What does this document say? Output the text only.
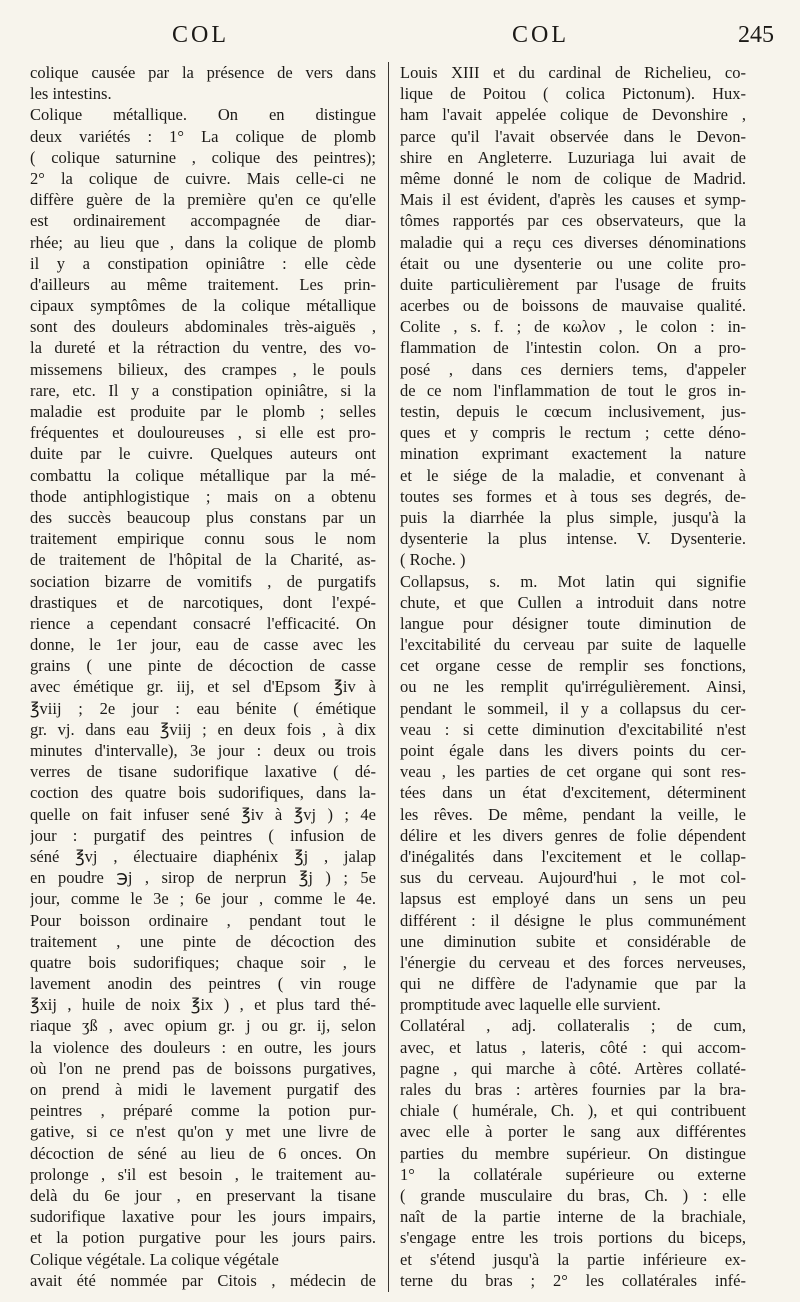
COL	COL	245
colique causée par la présence de vers dans
les intestins.
Colique métallique. On en distingue
deux variétés : 1° La colique de plomb
( colique saturnine , colique des peintres);
2° la colique de cuivre. Mais celle-ci ne
diffère guère de la première qu'en ce qu'elle
est ordinairement accompagnée de diar-
rhée; au lieu que , dans la colique de plomb
il y a constipation opiniâtre : elle cède
d'ailleurs au même traitement. Les prin-
cipaux symptômes de la colique métallique
sont des douleurs abdominales très-aiguës ,
la dureté et la rétraction du ventre, des vo-
missemens bilieux, des crampes , le pouls
rare, etc. Il y a constipation opiniâtre, si la
maladie est produite par le plomb ; selles
fréquentes et douloureuses , si elle est pro-
duite par le cuivre. Quelques auteurs ont
combattu la colique métallique par la mé-
thode antiphlogistique ; mais on a obtenu
des succès beaucoup plus constans par un
traitement empirique connu sous le nom
de traitement de l'hôpital de la Charité, as-
sociation bizarre de vomitifs , de purgatifs
drastiques et de narcotiques, dont l'expé-
rience a cependant consacré l'efficacité. On
donne, le 1er jour, eau de casse avec les
grains ( une pinte de décoction de casse
avec émétique gr. iij, et sel d'Epsom ℥iv à
℥viij ; 2e jour : eau bénite ( émétique
gr. vj. dans eau ℥viij ; en deux fois , à dix
minutes d'intervalle), 3e jour : deux ou trois
verres de tisane sudorifique laxative ( dé-
coction des quatre bois sudorifiques, dans la-
quelle on fait infuser sené ℥iv à ℥vj ) ; 4e
jour : purgatif des peintres ( infusion de
séné ℥vj , électuaire diaphénix ℥j , jalap
en poudre ℈j , sirop de nerprun ℥j ) ; 5e
jour, comme le 3e ; 6e jour , comme le 4e.
Pour boisson ordinaire , pendant tout le
traitement , une pinte de décoction des
quatre bois sudorifiques; chaque soir , le
lavement anodin des peintres ( vin rouge
℥xij , huile de noix ℥ix ) , et plus tard thé-
riaque ʒß , avec opium gr. j ou gr. ij, selon
la violence des douleurs : en outre, les jours
où l'on ne prend pas de boissons purgatives,
on prend à midi le lavement purgatif des
peintres , préparé comme la potion pur-
gative, si ce n'est qu'on y met une livre de
décoction de séné au lieu de 6 onces. On
prolonge , s'il est besoin , le traitement au-
delà du 6e jour , en preservant la tisane
sudorifique laxative pour les jours impairs,
et la potion purgative pour les jours pairs.
Colique végétale. La colique végétale
avait été nommée par Citois , médecin de
Louis XIII et du cardinal de Richelieu, co-
lique de Poitou ( colica Pictonum). Hux-
ham l'avait appelée colique de Devonshire ,
parce qu'il l'avait observée dans le Devon-
shire en Angleterre. Luzuriaga lui avait de
même donné le nom de colique de Madrid.
Mais il est évident, d'après les causes et symp-
tômes rapportés par ces observateurs, que la
maladie qui a reçu ces diverses dénominations
était ou une dysenterie ou une colite pro-
duite particulièrement par l'usage de fruits
acerbes ou de boissons de mauvaise qualité.
Colite , s. f. ; de κωλον , le colon : in-
flammation de l'intestin colon. On a pro-
posé , dans ces derniers tems, d'appeler
de ce nom l'inflammation de tout le gros in-
testin, depuis le cœcum inclusivement, jus-
ques et y compris le rectum ; cette déno-
mination exprimant exactement la nature
et le siége de la maladie, et convenant à
toutes ses formes et à tous ses degrés, de-
puis la diarrhée la plus simple, jusqu'à la
dysenterie la plus intense. V. Dysenterie.
( Roche. )
Collapsus, s. m. Mot latin qui signifie
chute, et que Cullen a introduit dans notre
langue pour désigner toute diminution de
l'excitabilité du cerveau par suite de laquelle
cet organe cesse de remplir ses fonctions,
ou ne les remplit qu'irrégulièrement. Ainsi,
pendant le sommeil, il y a collapsus du cer-
veau : si cette diminution d'excitabilité n'est
point égale dans les divers points du cer-
veau , les parties de cet organe qui sont res-
tées dans un état d'excitement, déterminent
les rêves. De même, pendant la veille, le
délire et les divers genres de folie dépendent
d'inégalités dans l'excitement et le collap-
sus du cerveau. Aujourd'hui , le mot col-
lapsus est employé dans un sens un peu
différent : il désigne le plus communément
une diminution subite et considérable de
l'énergie du cerveau et des forces nerveuses,
qui ne diffère de l'adynamie que par la
promptitude avec laquelle elle survient.
Collatéral , adj. collateralis ; de cum,
avec, et latus , lateris, côté : qui accom-
pagne , qui marche à côté. Artères collaté-
rales du bras : artères fournies par la bra-
chiale ( humérale, Ch. ), et qui contribuent
avec elle à porter le sang aux différentes
parties du membre supérieur. On distingue
1° la collatérale supérieure ou externe
( grande musculaire du bras, Ch. ) : elle
naît de la partie interne de la brachiale,
s'engage entre les trois portions du biceps,
et s'étend jusqu'à la partie inférieure ex-
terne du bras ; 2° les collatérales infé-
